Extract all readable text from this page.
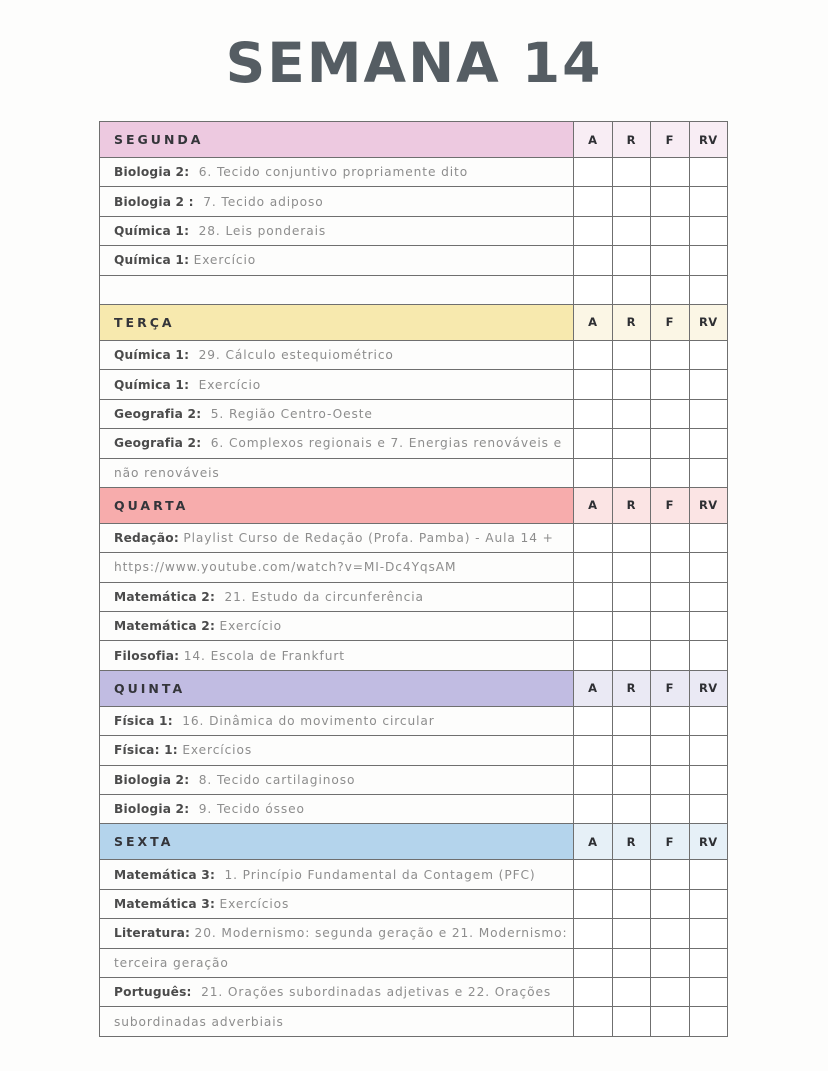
SEMANA 14
SEGUNDA	A	R	F	RV
Biologia 2: 6. Tecido conjuntivo propriamente dito				
Biologia 2 : 7. Tecido adiposo				
Química 1: 28. Leis ponderais				
Química 1: Exercício				

TERÇA	A	R	F	RV
Química 1: 29. Cálculo estequiométrico				
Química 1: Exercício				
Geografia 2: 5. Região Centro-Oeste				
Geografia 2: 6. Complexos regionais e 7. Energias renováveis e				
não renováveis				
QUARTA	A	R	F	RV
Redação: Playlist Curso de Redação (Profa. Pamba) - Aula 14 +				
https://www.youtube.com/watch?v=MI-Dc4YqsAM				
Matemática 2: 21. Estudo da circunferência				
Matemática 2: Exercício				
Filosofia: 14. Escola de Frankfurt				
QUINTA	A	R	F	RV
Física 1: 16. Dinâmica do movimento circular				
Física: 1: Exercícios				
Biologia 2: 8. Tecido cartilaginoso				
Biologia 2: 9. Tecido ósseo				
SEXTA	A	R	F	RV
Matemática 3: 1. Princípio Fundamental da Contagem (PFC)				
Matemática 3: Exercícios				
Literatura: 20. Modernismo: segunda geração e 21. Modernismo:				
terceira geração				
Português: 21. Orações subordinadas adjetivas e 22. Orações				
subordinadas adverbiais				
